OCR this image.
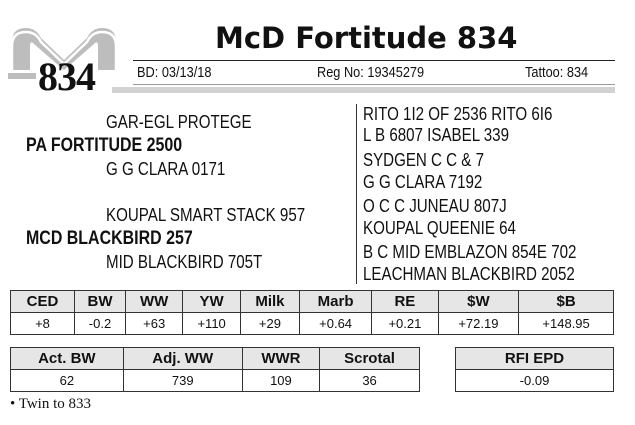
834
McD Fortitude 834
BD: 03/13/18	Reg No: 19345279	Tattoo: 834
GAR-EGL PROTEGE
PA FORTITUDE 2500
G G CLARA 0171
KOUPAL SMART STACK 957
MCD BLACKBIRD 257
MID BLACKBIRD 705T
RITO 1I2 OF 2536 RITO 6I6
L B 6807 ISABEL 339
SYDGEN C C & 7
G G CLARA 7192
O C C JUNEAU 807J
KOUPAL QUEENIE 64
B C MID EMBLAZON 854E 702
LEACHMAN BLACKBIRD 2052
CED	BW	WW	YW	Milk	Marb	RE	$W	$B
+8	-0.2	+63	+110	+29	+0.64	+0.21	+72.19	+148.95
Act. BW	Adj. WW	WWR	Scrotal
62	739	109	36
RFI EPD
-0.09
• Twin to 833
